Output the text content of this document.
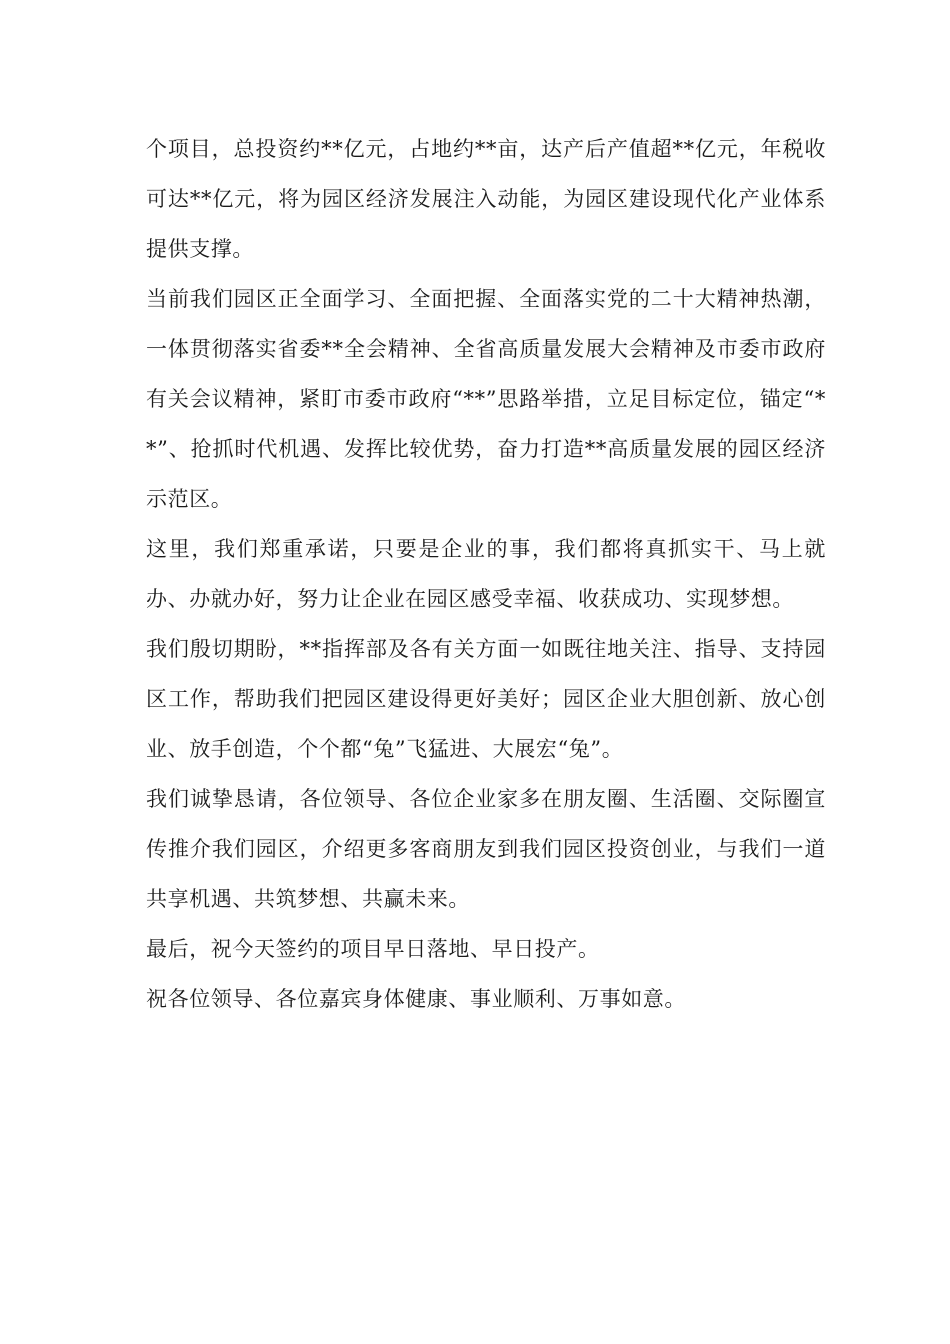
个项目，总投资约**亿元，占地约**亩，达产后产值超**亿元，年税收可达**亿元，将为园区经济发展注入动能，为园区建设现代化产业体系提供支撑。

当前我们园区正全面学习、全面把握、全面落实党的二十大精神热潮，一体贯彻落实省委**全会精神、全省高质量发展大会精神及市委市政府有关会议精神，紧盯市委市政府“**”思路举措，立足目标定位，锚定“**”、抢抓时代机遇、发挥比较优势，奋力打造**高质量发展的园区经济示范区。

这里，我们郑重承诺，只要是企业的事，我们都将真抓实干、马上就办、办就办好，努力让企业在园区感受幸福、收获成功、实现梦想。

我们殷切期盼，**指挥部及各有关方面一如既往地关注、指导、支持园区工作，帮助我们把园区建设得更好美好；园区企业大胆创新、放心创业、放手创造，个个都“兔”飞猛进、大展宏“兔”。

我们诚挚恳请，各位领导、各位企业家多在朋友圈、生活圈、交际圈宣传推介我们园区，介绍更多客商朋友到我们园区投资创业，与我们一道共享机遇、共筑梦想、共赢未来。

最后，祝今天签约的项目早日落地、早日投产。

祝各位领导、各位嘉宾身体健康、事业顺利、万事如意。
